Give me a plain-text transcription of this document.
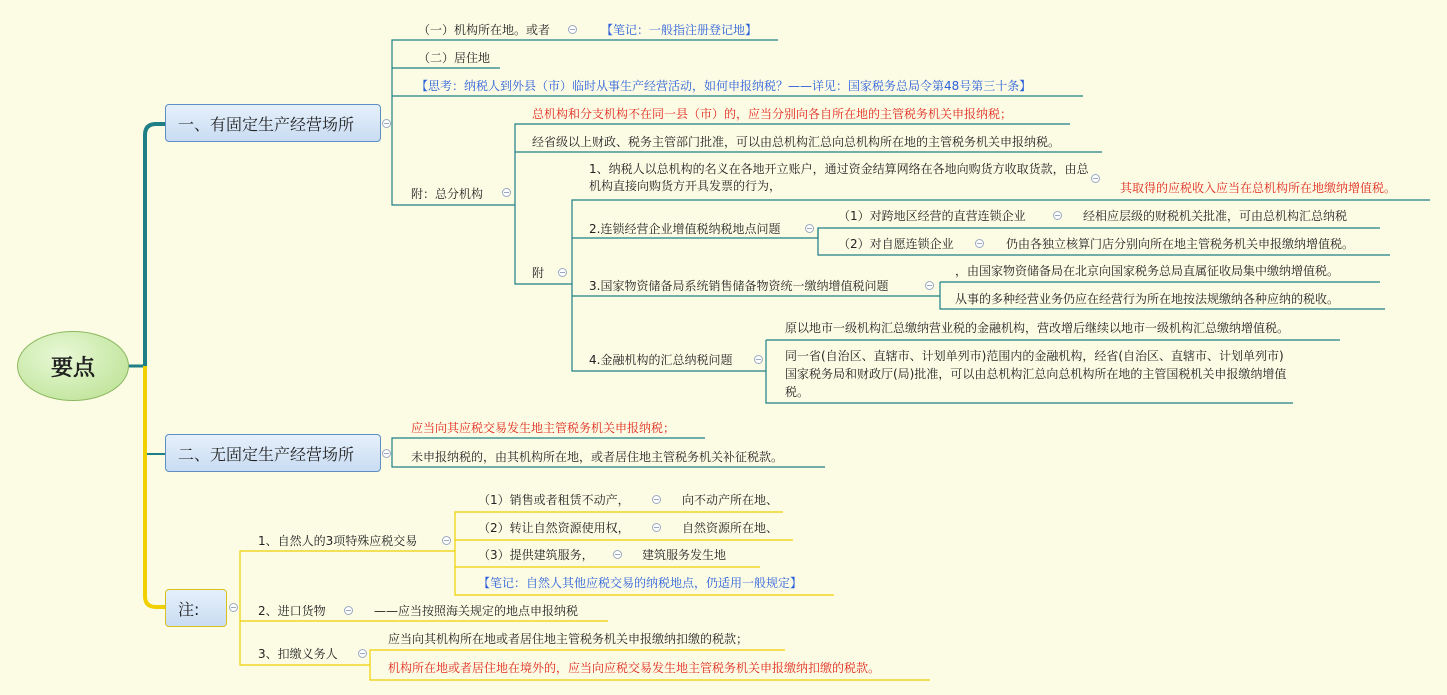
要点
一、有固定生产经营场所
二、无固定生产经营场所
注:
（一）机构所在地。或者	【笔记：一般指注册登记地】
（二）居住地
【思考：纳税人到外县（市）临时从事生产经营活动，如何申报纳税？——详见：国家税务总局令第48号第三十条】
附：总分机构
总机构和分支机构不在同一县（市）的，应当分别向各自所在地的主管税务机关申报纳税；
经省级以上财政、税务主管部门批准，可以由总机构汇总向总机构所在地的主管税务机关申报纳税。
附
1、纳税人以总机构的名义在各地开立账户，通过资金结算网络在各地向购货方收取货款，由总机构直接向购货方开具发票的行为，	其取得的应税收入应当在总机构所在地缴纳增值税。
2.连锁经营企业增值税纳税地点问题
（1）对跨地区经营的直营连锁企业	经相应层级的财税机关批准，可由总机构汇总纳税
（2）对自愿连锁企业	仍由各独立核算门店分别向所在地主管税务机关申报缴纳增值税。
3.国家物资储备局系统销售储备物资统一缴纳增值税问题
，由国家物资储备局在北京向国家税务总局直属征收局集中缴纳增值税。
从事的多种经营业务仍应在经营行为所在地按法规缴纳各种应纳的税收。
4.金融机构的汇总纳税问题
原以地市一级机构汇总缴纳营业税的金融机构，营改增后继续以地市一级机构汇总缴纳增值税。
同一省(自治区、直辖市、计划单列市)范围内的金融机构，经省(自治区、直辖市、计划单列市) 国家税务局和财政厅(局)批准，可以由总机构汇总向总机构所在地的主管国税机关申报缴纳增值税。
应当向其应税交易发生地主管税务机关申报纳税；
未申报纳税的，由其机构所在地，或者居住地主管税务机关补征税款。
1、自然人的3项特殊应税交易
（1）销售或者租赁不动产，	向不动产所在地、
（2）转让自然资源使用权，	自然资源所在地、
（3）提供建筑服务，	建筑服务发生地
【笔记：自然人其他应税交易的纳税地点，仍适用一般规定】
2、进口货物	——应当按照海关规定的地点申报纳税
3、扣缴义务人
应当向其机构所在地或者居住地主管税务机关申报缴纳扣缴的税款；
机构所在地或者居住地在境外的，应当向应税交易发生地主管税务机关申报缴纳扣缴的税款。
